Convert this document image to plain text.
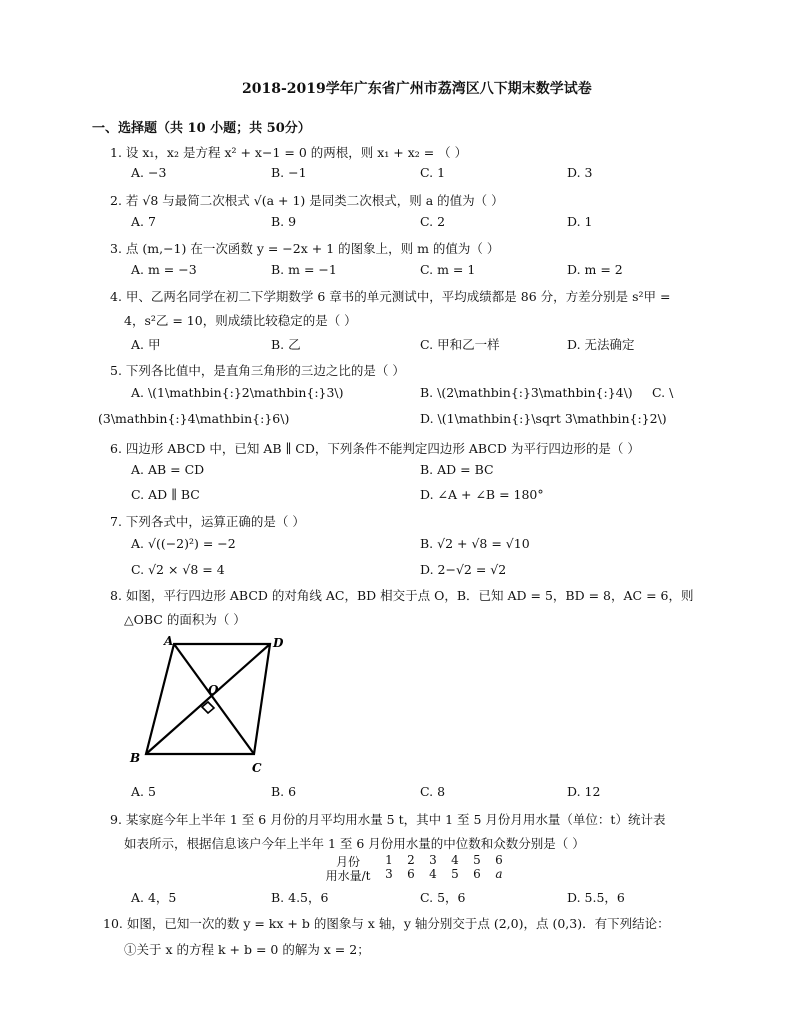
2018-2019学年广东省广州市荔湾区八下期末数学试卷
一、选择题（共 10 小题；共 50分）
1. 设 x₁，x₂ 是方程 x² + x−1 = 0 的两根，则 x₁ + x₂ = （ ）
A. −3	B. −1	C. 1	D. 3
2. 若 √8 与最简二次根式 √(a + 1) 是同类二次根式，则 a 的值为（ ）
A. 7	B. 9	C. 2	D. 1
3. 点 (m,−1) 在一次函数 y = −2x + 1 的图象上，则 m 的值为（ ）
A. m = −3	B. m = −1	C. m = 1	D. m = 2
4. 甲、乙两名同学在初二下学期数学 6 章书的单元测试中，平均成绩都是 86 分，方差分别是 s²甲 =
4，s²乙 = 10，则成绩比较稳定的是（ ）
A. 甲	B. 乙	C. 甲和乙一样	D. 无法确定
5. 下列各比值中，是直角三角形的三边之比的是（ ）
A. \(1\mathbin{:}2\mathbin{:}3\)	B. \(2\mathbin{:}3\mathbin{:}4\) C. \
(3\mathbin{:}4\mathbin{:}6\)	D. \(1\mathbin{:}\sqrt 3\mathbin{:}2\)
6. 四边形 ABCD 中，已知 AB ∥ CD，下列条件不能判定四边形 ABCD 为平行四边形的是（ ）
A. AB = CD	B. AD = BC
C. AD ∥ BC	D. ∠A + ∠B = 180°
7. 下列各式中，运算正确的是（ ）
A. √((−2)²) = −2	B. √2 + √8 = √10
C. √2 × √8 = 4	D. 2−√2 = √2
8. 如图，平行四边形 ABCD 的对角线 AC，BD 相交于点 O，B．已知 AD = 5，BD = 8，AC = 6，则
△OBC 的面积为（ ）
A	D
O
B
C
A. 5	B. 6	C. 8	D. 12
9. 某家庭今年上半年 1 至 6 月份的月平均用水量 5 t，其中 1 至 5 月份月用水量（单位：t）统计表
如表所示，根据信息该户今年上半年 1 至 6 月份用水量的中位数和众数分别是（ ）
月份	1	2	3	4	5	6
用水量/t	3	6	4	5	6	a
A. 4，5	B. 4.5，6	C. 5，6	D. 5.5，6
10. 如图，已知一次的数 y = kx + b 的图象与 x 轴，y 轴分别交于点 (2,0)，点 (0,3)．有下列结论：
①关于 x 的方程 k + b = 0 的解为 x = 2；
